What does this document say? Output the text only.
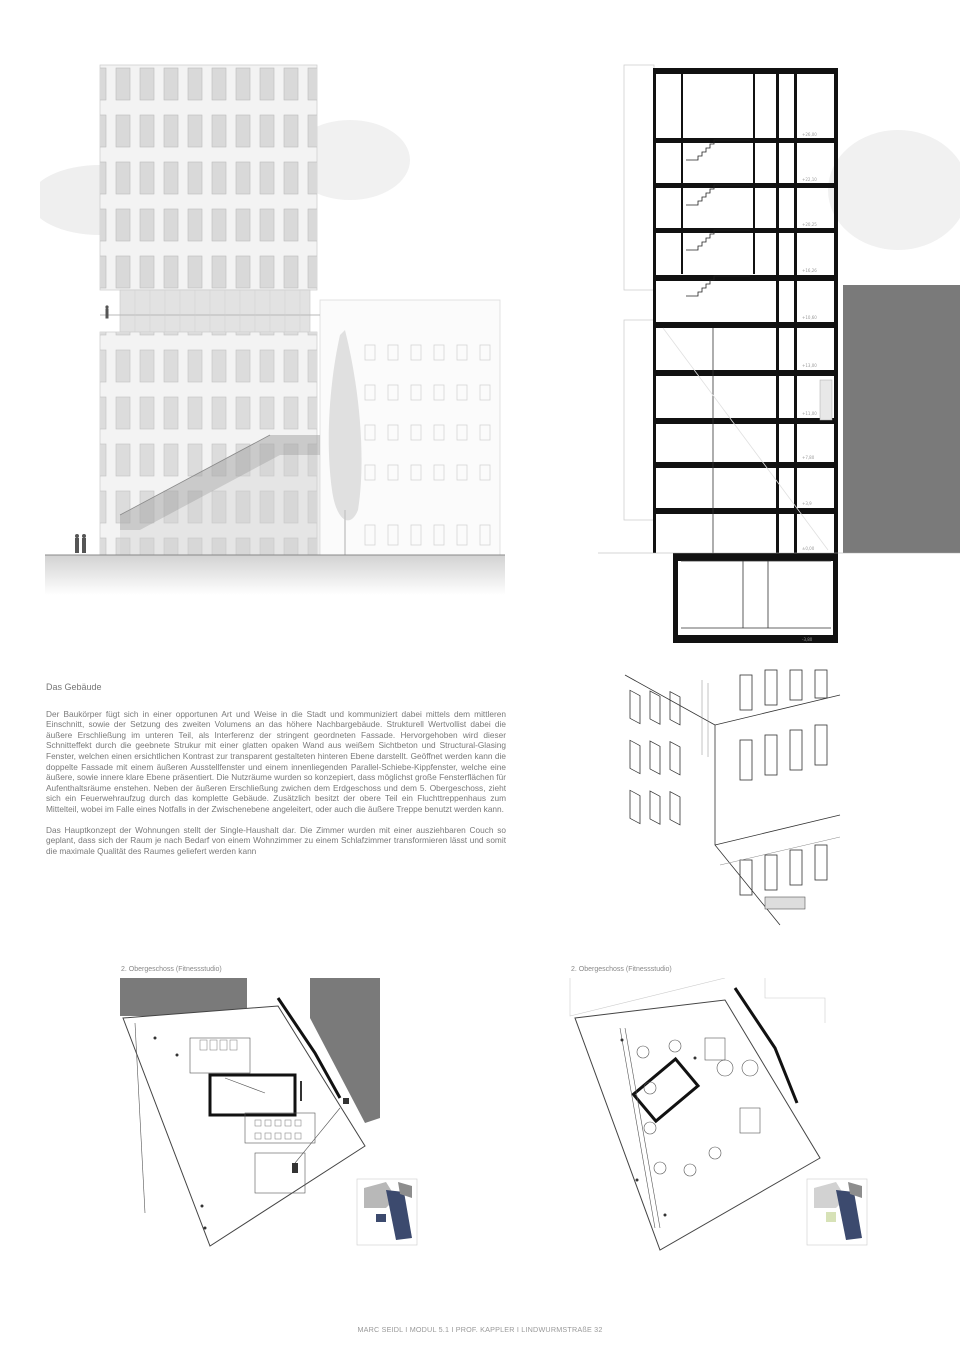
+26,00
+22,10
+20,25
+16,26
+10,60
+13,00
+11,00
+7,80
+3,9
±0,00
-3,80
Das Gebäude

Der Baukörper fügt sich in einer opportunen Art und Weise in die Stadt und kommuniziert dabei mittels dem mittleren Einschnitt, sowie der Setzung des zweiten Volumens an das höhere Nachbargebäude. Strukturell Wertvollist dabei die äußere Erschließung im unteren Teil, als Interferenz der stringent geordneten Fassade. Hervorgehoben wird dieser Schnitteffekt durch die geebnete Strukur mit einer glatten opaken Wand aus weißem Sichtbeton und Structural-Glasing Fenster, welchen einen ersichtlichen Kontrast zur transparent gestalteten hinteren Ebene darstellt. Geöffnet werden kann die doppelte Fassade mit einem äußeren Ausstellfenster und einem innenliegenden Parallel-Schiebe-Kippfenster, welche eine äußere, sowie innere klare Ebene präsentiert. Die Nutzräume wurden so konzepiert, dass möglichst große Fensterflächen für Aufenthaltsräume enstehen. Neben der äußeren Erschließung zwichen dem Erdgeschoss und dem 5. Obergeschoss, zieht sich ein Feuerwehraufzug durch das komplette Gebäude. Zusätzlich besitzt der obere Teil ein Fluchttreppenhaus zum Mittelteil, wobei im Falle eines Notfalls in der Zwischenebene angeleitert, oder auch die äußere Treppe benutzt werden kann.

Das Hauptkonzept der Wohnungen stellt der Single-Haushalt dar. Die Zimmer wurden mit einer ausziehbaren Couch so geplant, dass sich der Raum je nach Bedarf von einem Wohnzimmer zu einem Schlafzimmer transformieren lässt und somit die maximale Qualität des Raumes geliefert werden kann

2. Obergeschoss (Fitnessstudio)	2. Obergeschoss (Fitnessstudio)
MARC SEIDL I MODUL 5.1 I PROF. KAPPLER I LINDWURMSTRAßE 32
